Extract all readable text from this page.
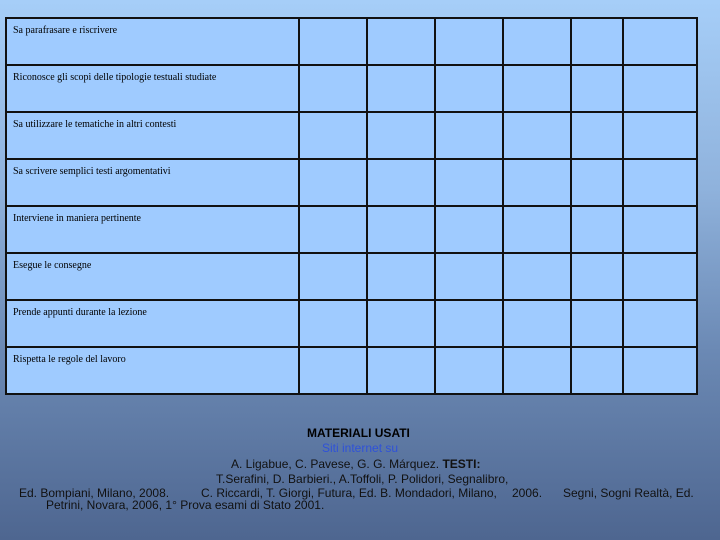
Sa parafrasare e riscrivere						
Riconosce gli scopi delle tipologie testuali studiate						
Sa utilizzare le tematiche in altri contesti						
Sa scrivere semplici testi argomentativi						
Interviene in maniera pertinente						
Esegue le consegne						
Prende appunti durante la lezione						
Rispetta le regole del lavoro						
MATERIALI USATI
Siti internet su
A. Ligabue, C. Pavese, G. G. Márquez. TESTI:
T.Serafini, D. Barbieri., A.Toffoli, P. Polidori, Segnalibro,
Ed. Bompiani, Milano, 2008.	C. Riccardi, T. Giorgi, Futura, Ed. B. Mondadori, Milano, 2006. Segni, Sogni Realtà, Ed.
Petrini, Novara, 2006, 1° Prova esami di Stato 2001.
